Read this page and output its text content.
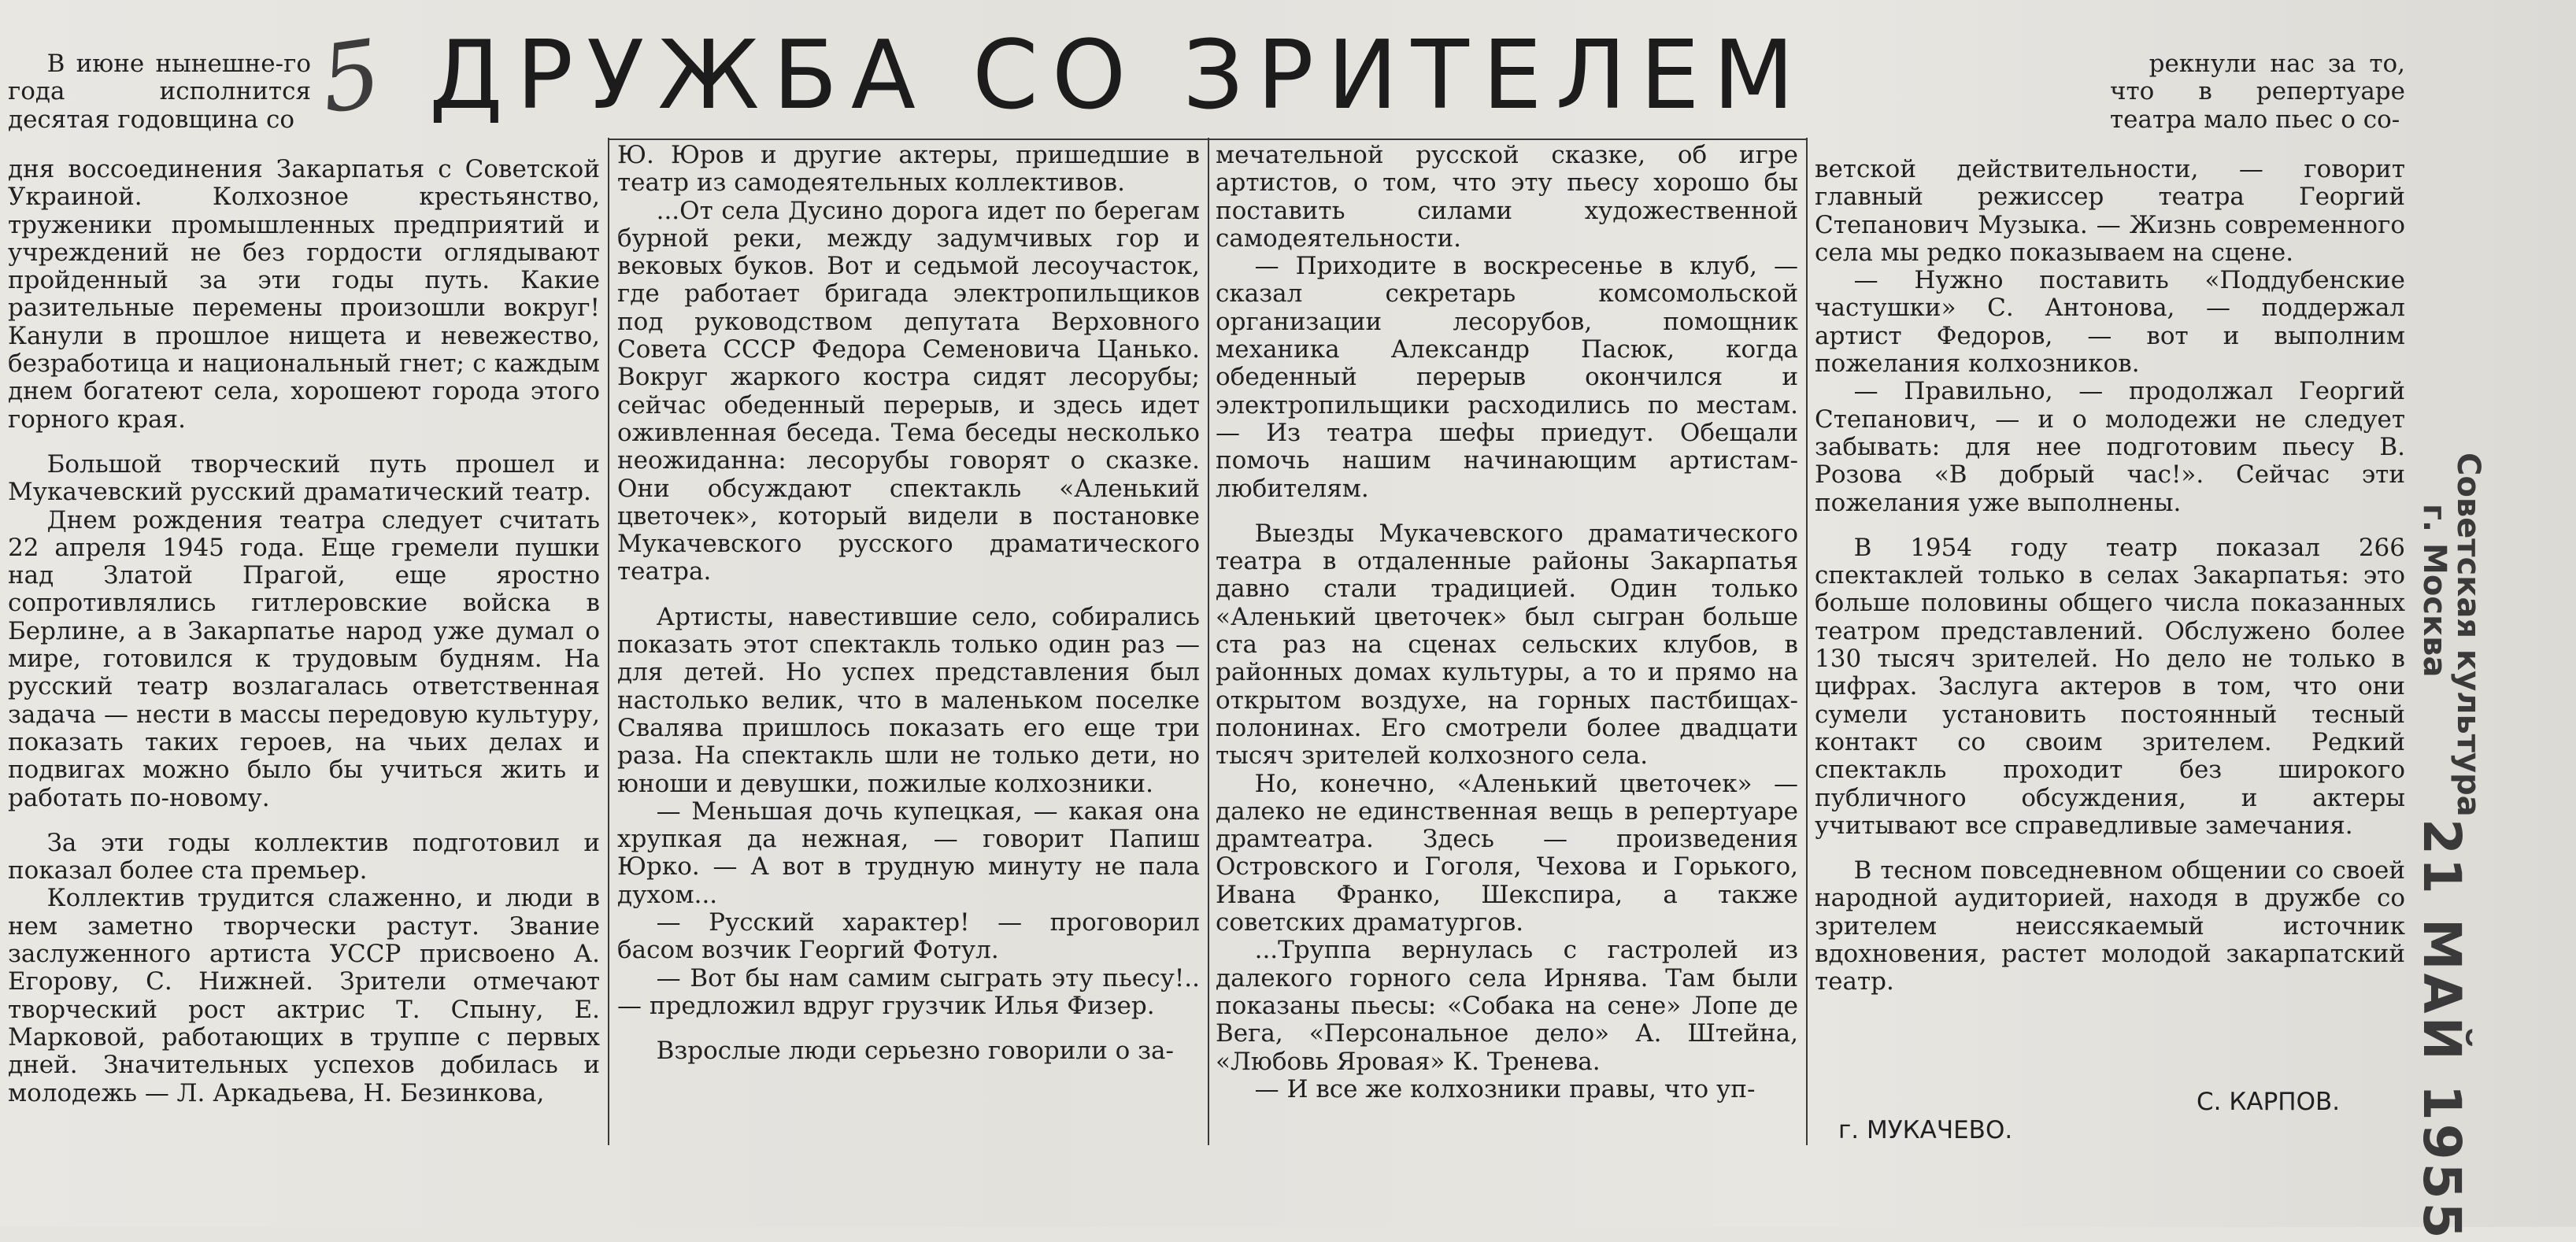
5 ДРУЖБА СО ЗРИТЕЛЕМ

В июне нынешне-го года исполнится десятая годовщина со

дня воссоединения Закарпатья с Советской Украиной. Колхозное крестьянство, труженики промышленных предприятий и учреждений не без гордости оглядывают пройденный за эти годы путь. Какие разительные перемены произошли вокруг! Канули в прошлое нищета и невежество, безработица и национальный гнет; с каждым днем богатеют села, хорошеют города этого горного края.

Большой творческий путь прошел и Мукачевский русский драматический театр.

Днем рождения театра следует считать 22 апреля 1945 года. Еще гремели пушки над Златой Прагой, еще яростно сопротивлялись гитлеровские войска в Берлине, а в Закарпатье народ уже думал о мире, готовился к трудовым будням. На русский театр возлагалась ответственная задача — нести в массы передовую культуру, показать таких героев, на чьих делах и подвигах можно было бы учиться жить и работать по-новому.

За эти годы коллектив подготовил и показал более ста премьер.

Коллектив трудится слаженно, и люди в нем заметно творчески растут. Звание заслуженного артиста УССР присвоено А. Егорову, С. Нижней. Зрители отмечают творческий рост актрис Т. Спыну, Е. Марковой, работающих в труппе с первых дней. Значительных успехов добилась и молодежь — Л. Аркадьева, Н. Безинкова,

Ю. Юров и другие актеры, пришедшие в театр из самодеятельных коллективов.

...От села Дусино дорога идет по берегам бурной реки, между задумчивых гор и вековых буков. Вот и седьмой лесоучасток, где работает бригада электропильщиков под руководством депутата Верховного Совета СССР Федора Семеновича Цанько. Вокруг жаркого костра сидят лесорубы; сейчас обеденный перерыв, и здесь идет оживленная беседа. Тема беседы несколько неожиданна: лесорубы говорят о сказке. Они обсуждают спектакль «Аленький цветочек», который видели в постановке Мукачевского русского драматического театра.

Артисты, навестившие село, собирались показать этот спектакль только один раз — для детей. Но успех представления был настолько велик, что в маленьком поселке Свалява пришлось показать его еще три раза. На спектакль шли не только дети, но юноши и девушки, пожилые колхозники.

— Меньшая дочь купецкая, — какая она хрупкая да нежная, — говорит Папиш Юрко. — А вот в трудную минуту не пала духом...

— Русский характер! — проговорил басом возчик Георгий Фотул.

— Вот бы нам самим сыграть эту пьесу!.. — предложил вдруг грузчик Илья Физер.

Взрослые люди серьезно говорили о за-

мечательной русской сказке, об игре артистов, о том, что эту пьесу хорошо бы поставить силами художественной самодеятельности.

— Приходите в воскресенье в клуб, — сказал секретарь комсомольской организации лесорубов, помощник механика Александр Пасюк, когда обеденный перерыв окончился и электропильщики расходились по местам. — Из театра шефы приедут. Обещали помочь нашим начинающим артистам-любителям.

Выезды Мукачевского драматического театра в отдаленные районы Закарпатья давно стали традицией. Один только «Аленький цветочек» был сыгран больше ста раз на сценах сельских клубов, в районных домах культуры, а то и прямо на открытом воздухе, на горных пастбищах-полонинах. Его смотрели более двадцати тысяч зрителей колхозного села.

Но, конечно, «Аленький цветочек» — далеко не единственная вещь в репертуаре драмтеатра. Здесь — произведения Островского и Гоголя, Чехова и Горького, Ивана Франко, Шекспира, а также советских драматургов.

...Труппа вернулась с гастролей из далекого горного села Ирнява. Там были показаны пьесы: «Собака на сене» Лопе де Вега, «Персональное дело» А. Штейна, «Любовь Яровая» К. Тренева.

— И все же колхозники правы, что уп-

рекнули нас за то, что в репертуаре театра мало пьес о со-

ветской действительности, — говорит главный режиссер театра Георгий Степанович Музыка. — Жизнь современного села мы редко показываем на сцене.

— Нужно поставить «Поддубенские частушки» С. Антонова, — поддержал артист Федоров, — вот и выполним пожелания колхозников.

— Правильно, — продолжал Георгий Степанович, — и о молодежи не следует забывать: для нее подготовим пьесу В. Розова «В добрый час!». Сейчас эти пожелания уже выполнены.

В 1954 году театр показал 266 спектаклей только в селах Закарпатья: это больше половины общего числа показанных театром представлений. Обслужено более 130 тысяч зрителей. Но дело не только в цифрах. Заслуга актеров в том, что они сумели установить постоянный тесный контакт со своим зрителем. Редкий спектакль проходит без широкого публичного обсуждения, и актеры учитывают все справедливые замечания.

В тесном повседневном общении со своей народной аудиторией, находя в дружбе со зрителем неиссякаемый источник вдохновения, растет молодой закарпатский театр.

С. КАРПОВ.
г. МУКАЧЕВО.
Советская культура
г. Москва
21 МАЙ 1955
